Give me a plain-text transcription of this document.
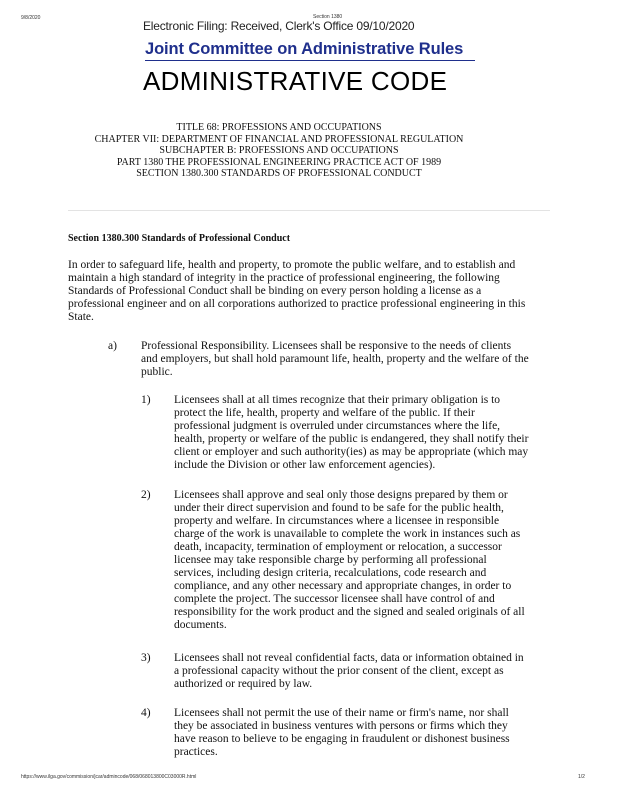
9/8/2020
Electronic Filing: Received, Clerk's Office 09/10/2020
Section 1380
Joint Committee on Administrative Rules
ADMINISTRATIVE CODE
TITLE 68: PROFESSIONS AND OCCUPATIONS
CHAPTER VII: DEPARTMENT OF FINANCIAL AND PROFESSIONAL REGULATION
SUBCHAPTER B: PROFESSIONS AND OCCUPATIONS
PART 1380 THE PROFESSIONAL ENGINEERING PRACTICE ACT OF 1989
SECTION 1380.300 STANDARDS OF PROFESSIONAL CONDUCT
Section 1380.300 Standards of Professional Conduct
In order to safeguard life, health and property, to promote the public welfare, and to establish and
maintain a high standard of integrity in the practice of professional engineering, the following
Standards of Professional Conduct shall be binding on every person holding a license as a
professional engineer and on all corporations authorized to practice professional engineering in this
State.
a) Professional Responsibility. Licensees shall be responsive to the needs of clients
and employers, but shall hold paramount life, health, property and the welfare of the
public.
1) Licensees shall at all times recognize that their primary obligation is to
protect the life, health, property and welfare of the public. If their
professional judgment is overruled under circumstances where the life,
health, property or welfare of the public is endangered, they shall notify their
client or employer and such authority(ies) as may be appropriate (which may
include the Division or other law enforcement agencies).
2) Licensees shall approve and seal only those designs prepared by them or
under their direct supervision and found to be safe for the public health,
property and welfare. In circumstances where a licensee in responsible
charge of the work is unavailable to complete the work in instances such as
death, incapacity, termination of employment or relocation, a successor
licensee may take responsible charge by performing all professional
services, including design criteria, recalculations, code research and
compliance, and any other necessary and appropriate changes, in order to
complete the project. The successor licensee shall have control of and
responsibility for the work product and the signed and sealed originals of all
documents.
3) Licensees shall not reveal confidential facts, data or information obtained in
a professional capacity without the prior consent of the client, except as
authorized or required by law.
4) Licensees shall not permit the use of their name or firm's name, nor shall
they be associated in business ventures with persons or firms which they
have reason to believe to be engaging in fraudulent or dishonest business
practices.
https://www.ilga.gov/commission/jcar/admincode/068/068013800C03000R.html	1/2
